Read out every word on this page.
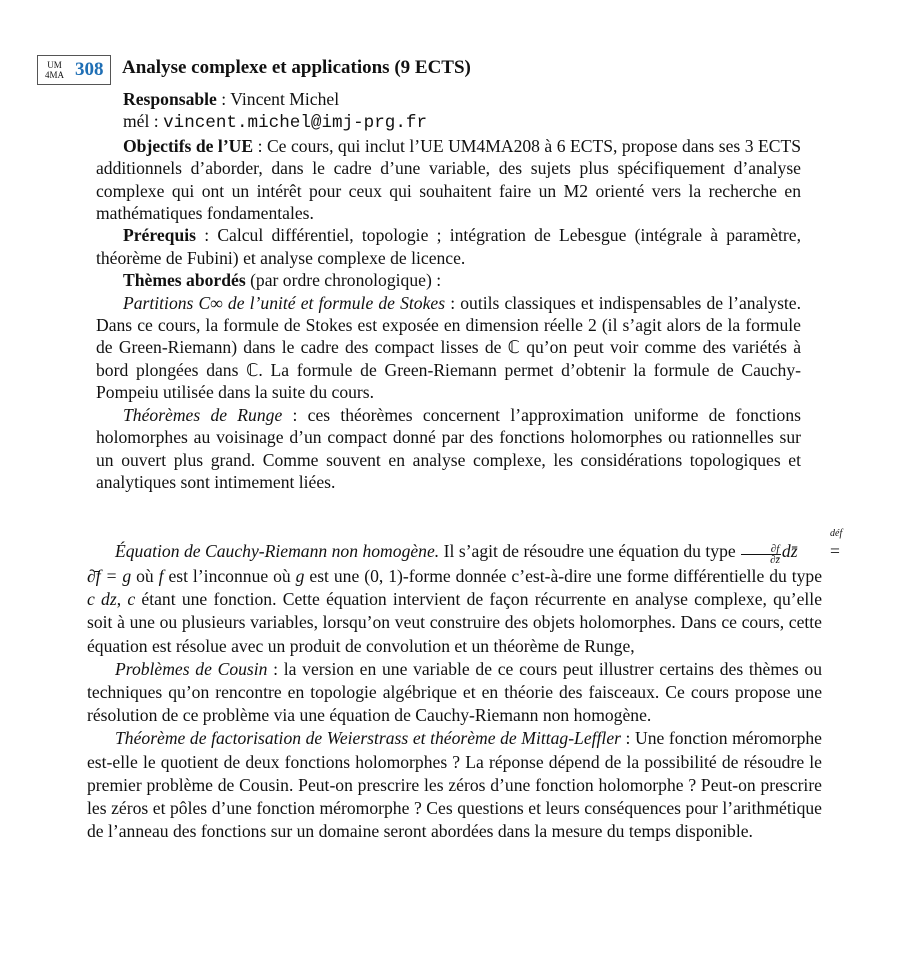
UM
4MA 308 Analyse complexe et applications (9 ECTS)

Responsable : Vincent Michel

mél : vincent.michel@imj-prg.fr

Objectifs de l’UE : Ce cours, qui inclut l’UE UM4MA208 à 6 ECTS, propose dans ses 3 ECTS additionnels d’aborder, dans le cadre d’une variable, des sujets plus spécifiquement d’analyse complexe qui ont un intérêt pour ceux qui souhaitent faire un M2 orienté vers la recherche en mathématiques fondamentales.

Prérequis : Calcul différentiel, topologie ; intégration de Lebesgue (intégrale à paramètre, théorème de Fubini) et analyse complexe de licence.

Thèmes abordés (par ordre chronologique) :

Partitions C∞ de l’unité et formule de Stokes : outils classiques et indispensables de l’analyste. Dans ce cours, la formule de Stokes est exposée en dimension réelle 2 (il s’agit alors de la formule de Green-Riemann) dans le cadre des compact lisses de ℂ qu’on peut voir comme des variétés à bord plongées dans ℂ. La formule de Green-Riemann permet d’obtenir la formule de Cauchy-Pompeiu utilisée dans la suite du cours.

Théorèmes de Runge : ces théorèmes concernent l’approximation uniforme de fonctions holomorphes au voisinage d’un compact donné par des fonctions holomorphes ou rationnelles sur un ouvert plus grand. Comme souvent en analyse complexe, les considérations topologiques et analytiques sont intimement liées.

Équation de Cauchy-Riemann non homogène. Il s’agit de résoudre une équation du type $\frac{\partial f}{\partial z̄}$ dz̄
déf
= ∂̄f = g où f est l’inconnue où g est une (0, 1)-forme donnée c’est-à-dire une forme différentielle du type c dz, c étant une fonction. Cette équation intervient de façon récurrente en analyse complexe, qu’elle soit à une ou plusieurs variables, lorsqu’on veut construire des objets holomorphes. Dans ce cours, cette équation est résolue avec un produit de convolution et un théorème de Runge,

Problèmes de Cousin : la version en une variable de ce cours peut illustrer certains des thèmes ou techniques qu’on rencontre en topologie algébrique et en théorie des faisceaux. Ce cours propose une résolution de ce problème via une équation de Cauchy-Riemann non homogène.

Théorème de factorisation de Weierstrass et théorème de Mittag-Leffler : Une fonction méromorphe est-elle le quotient de deux fonctions holomorphes ? La réponse dépend de la possibilité de résoudre le premier problème de Cousin. Peut-on prescrire les zéros d’une fonction holomorphe ? Peut-on prescrire les zéros et pôles d’une fonction méromorphe ? Ces questions et leurs conséquences pour l’arithmétique de l’anneau des fonctions sur un domaine seront abordées dans la mesure du temps disponible.
